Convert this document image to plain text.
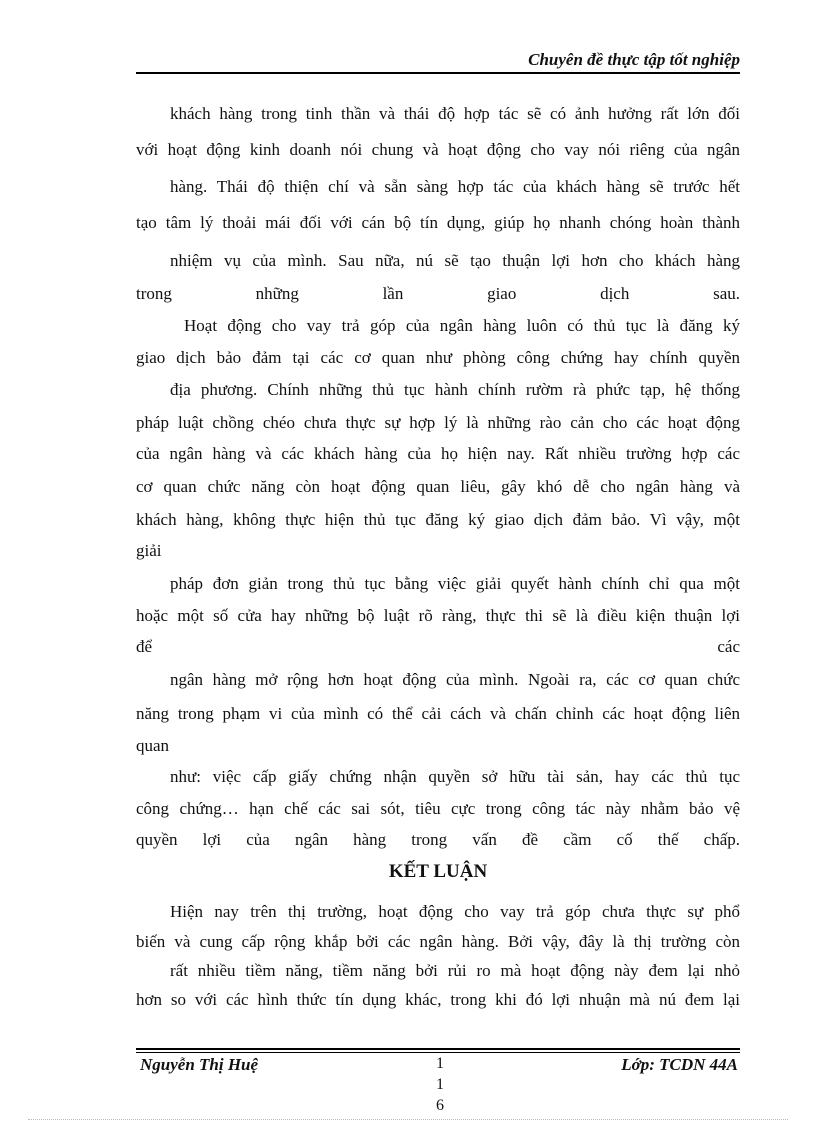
Chuyên đề thực tập tốt nghiệp
khách hàng trong tinh thần và thái độ hợp tác sẽ có ảnh hưởng rất lớn đối
với hoạt động kinh doanh nói chung và hoạt động cho vay nói riêng của ngân
hàng. Thái độ thiện chí và sẵn sàng hợp tác của khách hàng sẽ trước hết
tạo tâm lý thoải mái đối với cán bộ tín dụng, giúp họ nhanh chóng hoàn thành
nhiệm vụ của mình. Sau nữa, nú sẽ tạo thuận lợi hơn cho khách hàng
trong những lần giao dịch sau.
Hoạt động cho vay trả góp của ngân hàng luôn có thủ tục là đăng ký
giao dịch bảo đảm tại các cơ quan như phòng công chứng hay chính quyền
địa phương. Chính những thủ tục hành chính rườm rà phức tạp, hệ thống
pháp luật chồng chéo chưa thực sự hợp lý là những rào cản cho các hoạt động
của ngân hàng và các khách hàng của họ hiện nay. Rất nhiều trường hợp các
cơ quan chức năng còn hoạt động quan liêu, gây khó dễ cho ngân hàng và
khách hàng, không thực hiện thủ tục đăng ký giao dịch đảm bảo. Vì vậy, một
giải
pháp đơn giản trong thủ tục bằng việc giải quyết hành chính chỉ qua một
hoặc một số cửa hay những bộ luật rõ ràng, thực thi sẽ là điều kiện thuận lợi
để các
ngân hàng mở rộng hơn hoạt động của mình. Ngoài ra, các cơ quan chức
năng trong phạm vi của mình có thể cải cách và chấn chỉnh các hoạt động liên
quan
như: việc cấp giấy chứng nhận quyền sở hữu tài sản, hay các thủ tục
công chứng… hạn chế các sai sót, tiêu cực trong công tác này nhằm bảo vệ
quyền lợi của ngân hàng trong vấn đề cầm cố thế chấp.
KẾT LUẬN
Hiện nay trên thị trường, hoạt động cho vay trả góp chưa thực sự phổ
biến và cung cấp rộng khắp bởi các ngân hàng. Bởi vậy, đây là thị trường còn
rất nhiều tiềm năng, tiềm năng bởi rủi ro mà hoạt động này đem lại nhỏ
hơn so với các hình thức tín dụng khác, trong khi đó lợi nhuận mà nú đem lại
Nguyễn Thị Huệ	1
1
6
Lớp: TCDN 44A
